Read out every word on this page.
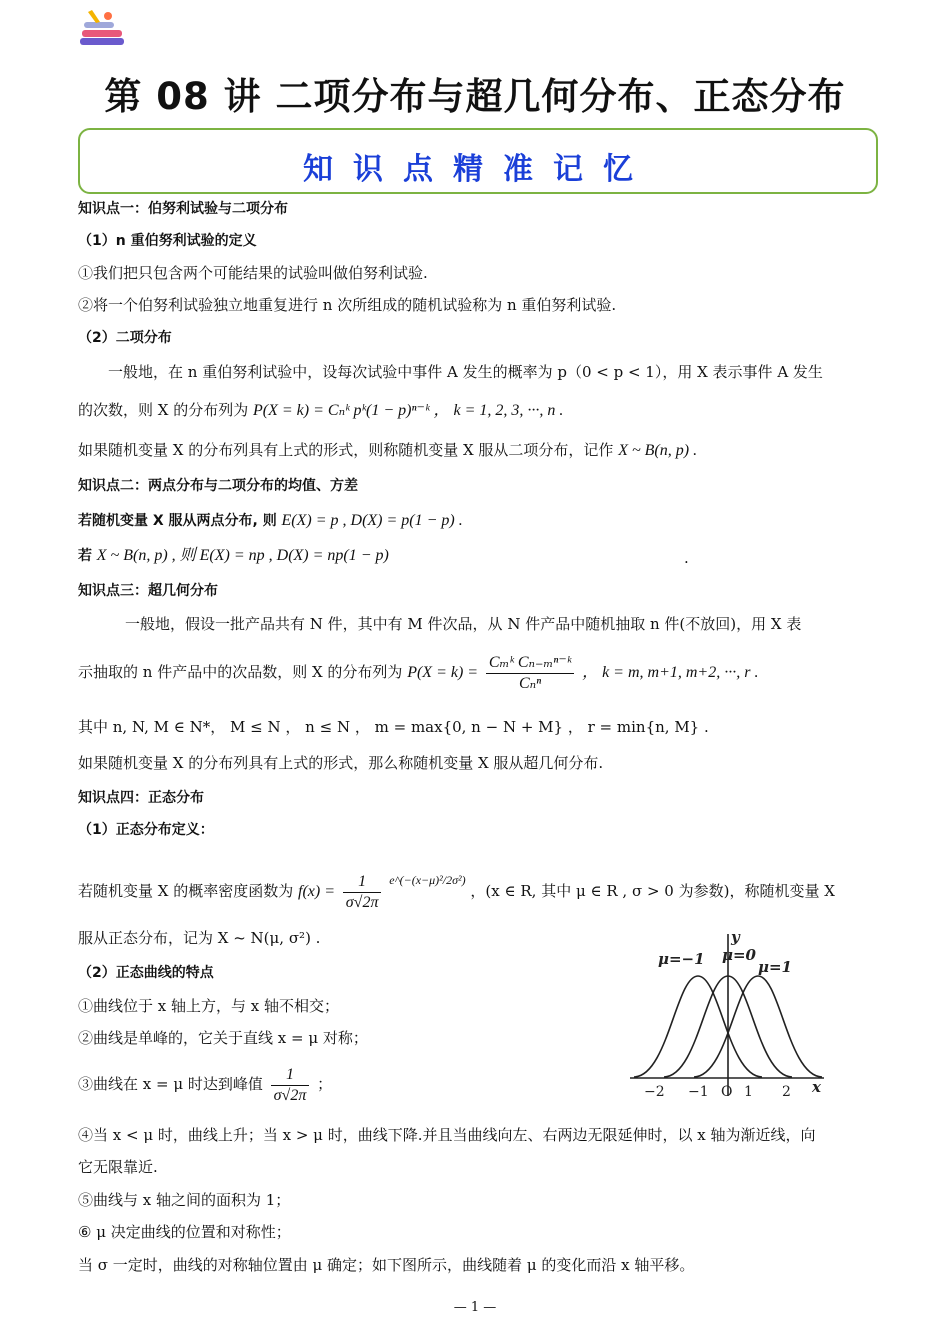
第 08 讲 二项分布与超几何分布、正态分布
知识点精准记忆
知识点一：伯努利试验与二项分布
（1）n 重伯努利试验的定义
①我们把只包含两个可能结果的试验叫做伯努利试验.
②将一个伯努利试验独立地重复进行 n 次所组成的随机试验称为 n 重伯努利试验.
（2）二项分布
一般地，在 n 重伯努利试验中，设每次试验中事件 A 发生的概率为 p（0 < p < 1），用 X 表示事件 A 发生
的次数，则 X 的分布列为 P(X = k) = Cₙᵏ pᵏ(1 − p)ⁿ⁻ᵏ ， k = 1, 2, 3, ···, n .
如果随机变量 X 的分布列具有上式的形式，则称随机变量 X 服从二项分布，记作 X ~ B(n, p) .
知识点二：两点分布与二项分布的均值、方差
若随机变量 X 服从两点分布, 则 E(X) = p , D(X) = p(1 − p) .
若 X ~ B(n, p) , 则 E(X) = np , D(X) = np(1 − p)	.
知识点三：超几何分布
一般地，假设一批产品共有 N 件，其中有 M 件次品，从 N 件产品中随机抽取 n 件(不放回)，用 X 表
示抽取的 n 件产品中的次品数，则 X 的分布列为 $P(X = k) = \frac{\text{Cₘᵏ Cₙ₋ₘⁿ⁻ᵏ}}{\text{Cₙⁿ}}$ ， k = m, m+1, m+2, ···, r .
其中 n, N, M ∈ N*， M ≤ N ， n ≤ N ， m = max{0, n − N + M} ， r = min{n, M} .
如果随机变量 X 的分布列具有上式的形式，那么称随机变量 X 服从超几何分布.
知识点四：正态分布
（1）正态分布定义：
若随机变量 X 的概率密度函数为 $f(x) = \frac{1}{\sigma√2\pi} ^{e\^{}(-(x-\mu)^2/2\sigma^2)}$ ，(x ∈ R, 其中 μ ∈ R , σ > 0 为参数)，称随机变量 X
服从正态分布，记为 X ~ N(μ, σ²) .
（2）正态曲线的特点
①曲线位于 x 轴上方，与 x 轴不相交；
②曲线是单峰的，它关于直线 x = μ 对称；
③曲线在 x = μ 时达到峰值 $\frac{1}{\sigma√2\pi}$ ；
④当 x < μ 时，曲线上升；当 x > μ 时，曲线下降.并且当曲线向左、右两边无限延伸时，以 x 轴为渐近线，向
它无限靠近.
⑤曲线与 x 轴之间的面积为 1；
⑥ μ 决定曲线的位置和对称性；
当 σ 一定时，曲线的对称轴位置由 μ 确定；如下图所示，曲线随着 μ 的变化而沿 x 轴平移。
μ=−1 μ=0
μ=1
y
x
−2 −1 O 1 2
— 1 —
